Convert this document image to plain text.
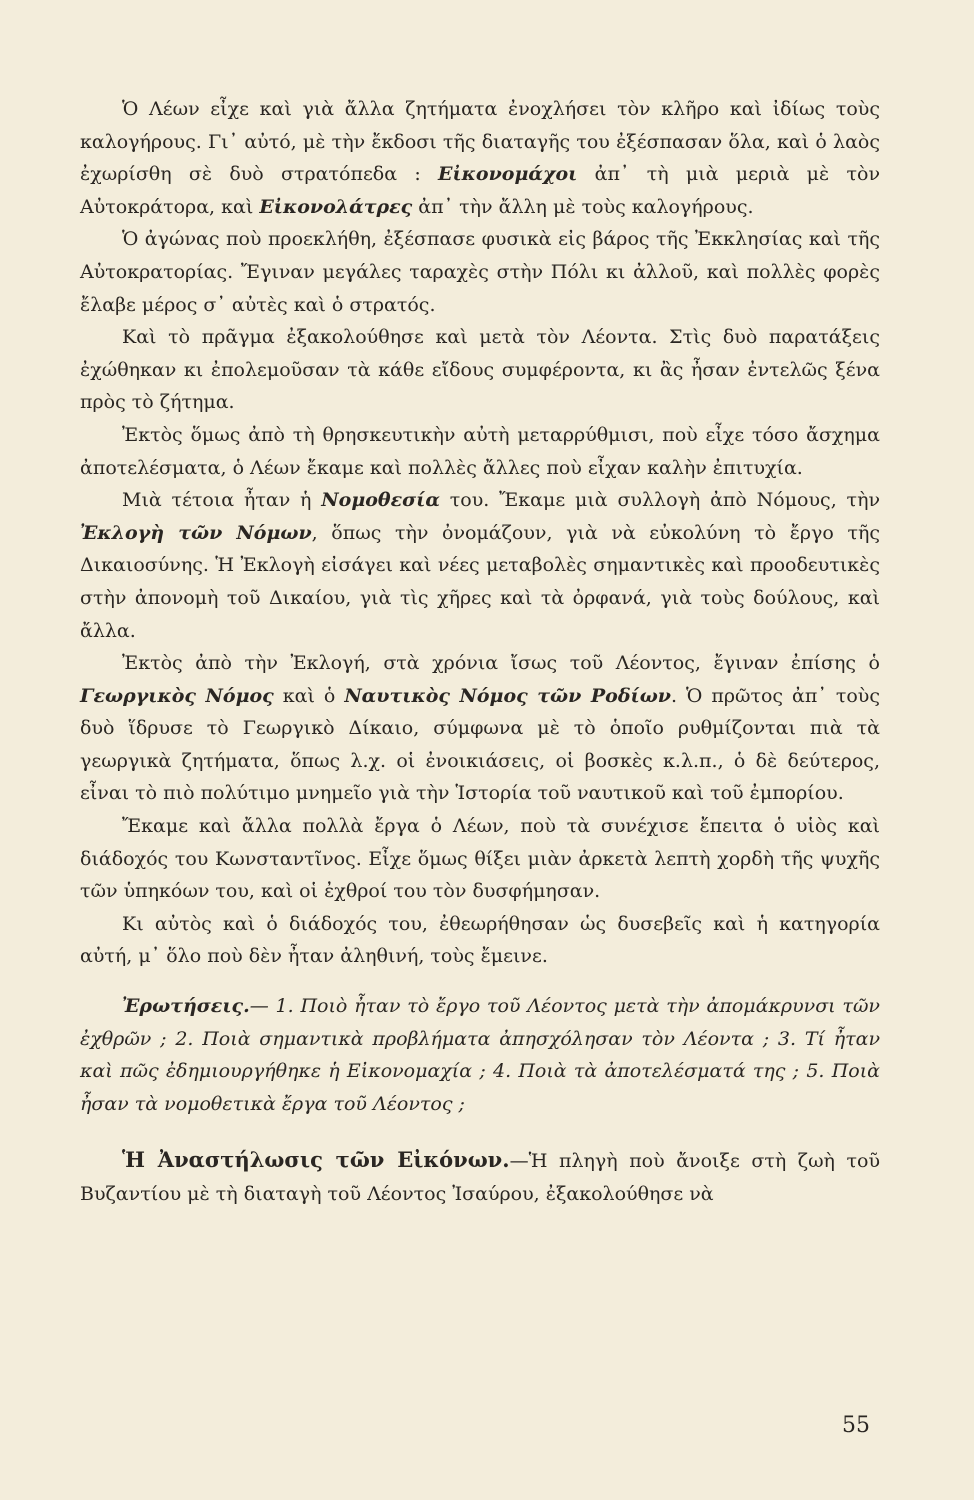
Ὁ Λέων εἶχε καὶ γιὰ ἄλλα ζητήματα ἐνοχλήσει τὸν κλῆρο καὶ ἰδίως τοὺς καλογήρους. Γι᾿ αὐτό, μὲ τὴν ἔκδοσι τῆς διαταγῆς του ἐξέσπασαν ὅλα, καὶ ὁ λαὸς ἐχωρίσθη σὲ δυὸ στρατόπεδα : Εἰκονομάχοι ἀπ᾿ τὴ μιὰ μεριὰ μὲ τὸν Αὐτοκράτορα, καὶ Εἰκονολάτρες ἀπ᾿ τὴν ἄλλη μὲ τοὺς καλογήρους.

Ὁ ἀγώνας ποὺ προεκλήθη, ἐξέσπασε φυσικὰ εἰς βάρος τῆς Ἐκκλησίας καὶ τῆς Αὐτοκρατορίας. Ἔγιναν μεγάλες ταραχὲς στὴν Πόλι κι ἀλλοῦ, καὶ πολλὲς φορὲς ἔλαβε μέρος σ᾿ αὐτὲς καὶ ὁ στρατός.

Καὶ τὸ πρᾶγμα ἐξακολούθησε καὶ μετὰ τὸν Λέοντα. Στὶς δυὸ παρατάξεις ἐχώθηκαν κι ἐπολεμοῦσαν τὰ κάθε εἴδους συμφέροντα, κι ἂς ἦσαν ἐντελῶς ξένα πρὸς τὸ ζήτημα.

Ἐκτὸς ὅμως ἀπὸ τὴ θρησκευτικὴν αὐτὴ μεταρρύθμισι, ποὺ εἶχε τόσο ἄσχημα ἀποτελέσματα, ὁ Λέων ἔκαμε καὶ πολλὲς ἄλλες ποὺ εἶχαν καλὴν ἐπιτυχία.

Μιὰ τέτοια ἦταν ἡ Νομοθεσία του. Ἔκαμε μιὰ συλλογὴ ἀπὸ Νόμους, τὴν Ἐκλογὴ τῶν Νόμων, ὅπως τὴν ὀνομάζουν, γιὰ νὰ εὐκολύνη τὸ ἔργο τῆς Δικαιοσύνης. Ἡ Ἐκλογὴ εἰσάγει καὶ νέες μεταβολὲς σημαντικὲς καὶ προοδευτικὲς στὴν ἀπονομὴ τοῦ Δικαίου, γιὰ τὶς χῆρες καὶ τὰ ὀρφανά, γιὰ τοὺς δούλους, καὶ ἄλλα.

Ἐκτὸς ἀπὸ τὴν Ἐκλογή, στὰ χρόνια ἴσως τοῦ Λέοντος, ἔγιναν ἐπίσης ὁ Γεωργικὸς Νόμος καὶ ὁ Ναυτικὸς Νόμος τῶν Ροδίων. Ὁ πρῶτος ἀπ᾿ τοὺς δυὸ ἵδρυσε τὸ Γεωργικὸ Δίκαιο, σύμφωνα μὲ τὸ ὁποῖο ρυθμίζονται πιὰ τὰ γεωργικὰ ζητήματα, ὅπως λ.χ. οἱ ἐνοικιάσεις, οἱ βοσκὲς κ.λ.π., ὁ δὲ δεύτερος, εἶναι τὸ πιὸ πολύτιμο μνημεῖο γιὰ τὴν Ἱστορία τοῦ ναυτικοῦ καὶ τοῦ ἐμπορίου.

Ἔκαμε καὶ ἄλλα πολλὰ ἔργα ὁ Λέων, ποὺ τὰ συνέχισε ἔπειτα ὁ υἱὸς καὶ διάδοχός του Κωνσταντῖνος. Εἶχε ὅμως θίξει μιὰν ἀρκετὰ λεπτὴ χορδὴ τῆς ψυχῆς τῶν ὑπηκόων του, καὶ οἱ ἐχθροί του τὸν δυσφήμησαν.

Κι αὐτὸς καὶ ὁ διάδοχός του, ἐθεωρήθησαν ὡς δυσεβεῖς καὶ ἡ κατηγορία αὐτή, μ᾿ ὅλο ποὺ δὲν ἦταν ἀληθινή, τοὺς ἔμεινε.

Ἐρωτήσεις.— 1. Ποιὸ ἦταν τὸ ἔργο τοῦ Λέοντος μετὰ τὴν ἀπομάκρυνσι τῶν ἐχθρῶν ; 2. Ποιὰ σημαντικὰ προβλήματα ἀπησχόλησαν τὸν Λέοντα ; 3. Τί ἦταν καὶ πῶς ἐδημιουργήθηκε ἡ Εἰκονομαχία ; 4. Ποιὰ τὰ ἀποτελέσματά της ; 5. Ποιὰ ἦσαν τὰ νομοθετικὰ ἔργα τοῦ Λέοντος ;
Ἡ Ἀναστήλωσις τῶν Εἰκόνων.—Ἡ πληγὴ ποὺ ἄνοιξε στὴ ζωὴ τοῦ Βυζαντίου μὲ τὴ διαταγὴ τοῦ Λέοντος Ἰσαύρου, ἐξακολούθησε νὰ
55
